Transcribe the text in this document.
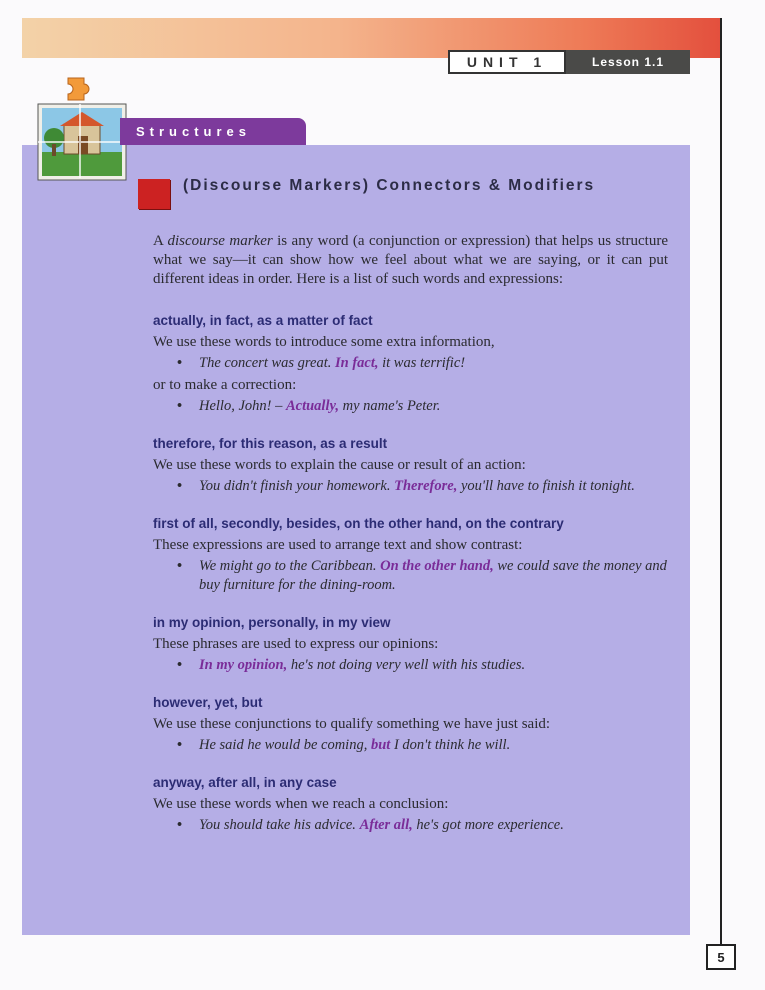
UNIT 1	Lesson 1.1
Structures
(Discourse Markers) Connectors & Modifiers

A discourse marker is any word (a conjunction or expression) that helps us structure what we say—it can show how we feel about what we are saying, or it can put different ideas in order. Here is a list of such words and expressions:

actually, in fact, as a matter of fact

We use these words to introduce some extra information,

• The concert was great. In fact, it was terrific!

or to make a correction:

• Hello, John! – Actually, my name's Peter.
therefore, for this reason, as a result

We use these words to explain the cause or result of an action:

• You didn't finish your homework. Therefore, you'll have to finish it tonight.
first of all, secondly, besides, on the other hand, on the contrary

These expressions are used to arrange text and show contrast:

• We might go to the Caribbean. On the other hand, we could save the money and buy furniture for the dining-room.
in my opinion, personally, in my view

These phrases are used to express our opinions:

• In my opinion, he's not doing very well with his studies.
however, yet, but

We use these conjunctions to qualify something we have just said:

• He said he would be coming, but I don't think he will.
anyway, after all, in any case

We use these words when we reach a conclusion:

• You should take his advice. After all, he's got more experience.
5
